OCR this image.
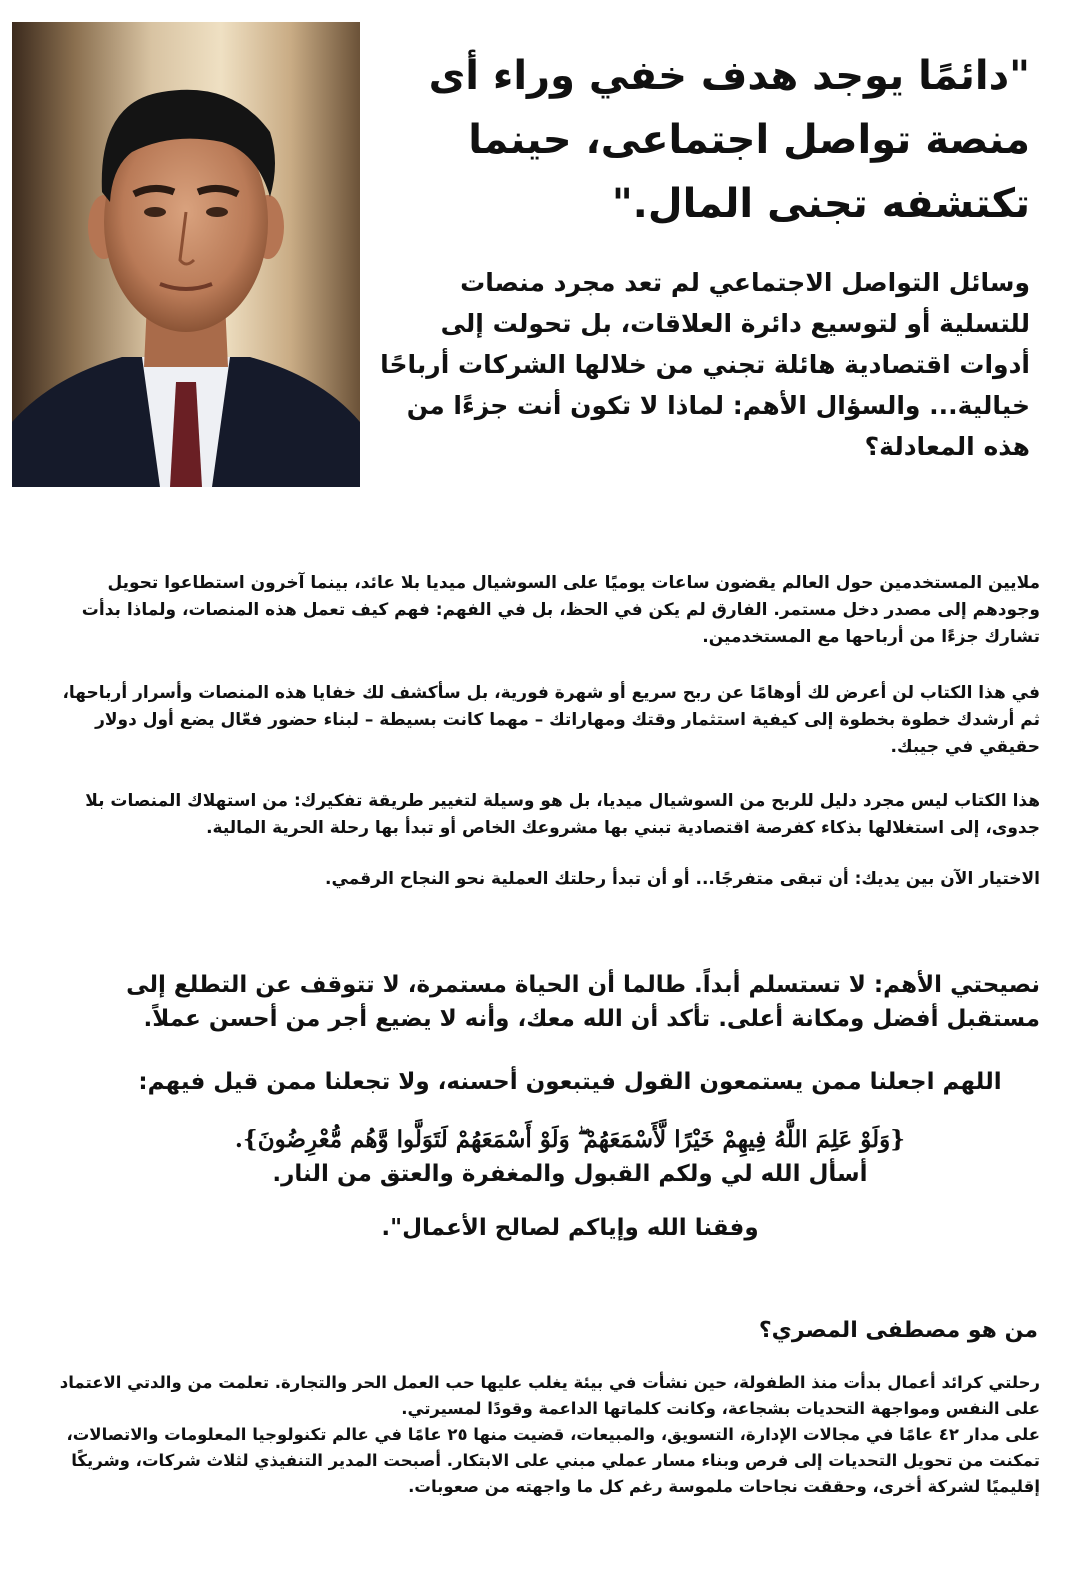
"دائمًا يوجد هدف خفي وراء أى منصة تواصل اجتماعى، حينما تكتشفه تجنى المال."
وسائل التواصل الاجتماعي لم تعد مجرد منصات للتسلية أو لتوسيع دائرة العلاقات، بل تحولت إلى أدوات اقتصادية هائلة تجني من خلالها الشركات أرباحًا خيالية... والسؤال الأهم: لماذا لا تكون أنت جزءًا من هذه المعادلة؟

ملايين المستخدمين حول العالم يقضون ساعات يوميًا على السوشيال ميديا بلا عائد، بينما آخرون استطاعوا تحويل وجودهم إلى مصدر دخل مستمر. الفارق لم يكن في الحظ، بل في الفهم: فهم كيف تعمل هذه المنصات، ولماذا بدأت تشارك جزءًا من أرباحها مع المستخدمين.

في هذا الكتاب لن أعرض لك أوهامًا عن ربح سريع أو شهرة فورية، بل سأكشف لك خفايا هذه المنصات وأسرار أرباحها، ثم أرشدك خطوة بخطوة إلى كيفية استثمار وقتك ومهاراتك – مهما كانت بسيطة – لبناء حضور فعّال يضع أول دولار حقيقي في جيبك.

هذا الكتاب ليس مجرد دليل للربح من السوشيال ميديا، بل هو وسيلة لتغيير طريقة تفكيرك: من استهلاك المنصات بلا جدوى، إلى استغلالها بذكاء كفرصة اقتصادية تبني بها مشروعك الخاص أو تبدأ بها رحلة الحرية المالية.

الاختيار الآن بين يديك: أن تبقى متفرجًا... أو أن تبدأ رحلتك العملية نحو النجاح الرقمي.

نصيحتي الأهم: لا تستسلم أبداً. طالما أن الحياة مستمرة، لا تتوقف عن التطلع إلى مستقبل أفضل ومكانة أعلى. تأكد أن الله معك، وأنه لا يضيع أجر من أحسن عملاً.
اللهم اجعلنا ممن يستمعون القول فيتبعون أحسنه، ولا تجعلنا ممن قيل فيهم:
{وَلَوْ عَلِمَ اللَّهُ فِيهِمْ خَيْرًا لَّأَسْمَعَهُمْ ۖ وَلَوْ أَسْمَعَهُمْ لَتَوَلَّوا وَّهُم مُّعْرِضُونَ}.
أسأل الله لي ولكم القبول والمغفرة والعتق من النار.
وفقنا الله وإياكم لصالح الأعمال".
من هو مصطفى المصري؟

رحلتي كرائد أعمال بدأت منذ الطفولة، حين نشأت في بيئة يغلب عليها حب العمل الحر والتجارة. تعلمت من والدتي الاعتماد على النفس ومواجهة التحديات بشجاعة، وكانت كلماتها الداعمة وقودًا لمسيرتي.

على مدار ٤٢ عامًا في مجالات الإدارة، التسويق، والمبيعات، قضيت منها ٢٥ عامًا في عالم تكنولوجيا المعلومات والاتصالات، تمكنت من تحويل التحديات إلى فرص وبناء مسار عملي مبني على الابتكار. أصبحت المدير التنفيذي لثلاث شركات، وشريكًا إقليميًا لشركة أخرى، وحققت نجاحات ملموسة رغم كل ما واجهته من صعوبات.
